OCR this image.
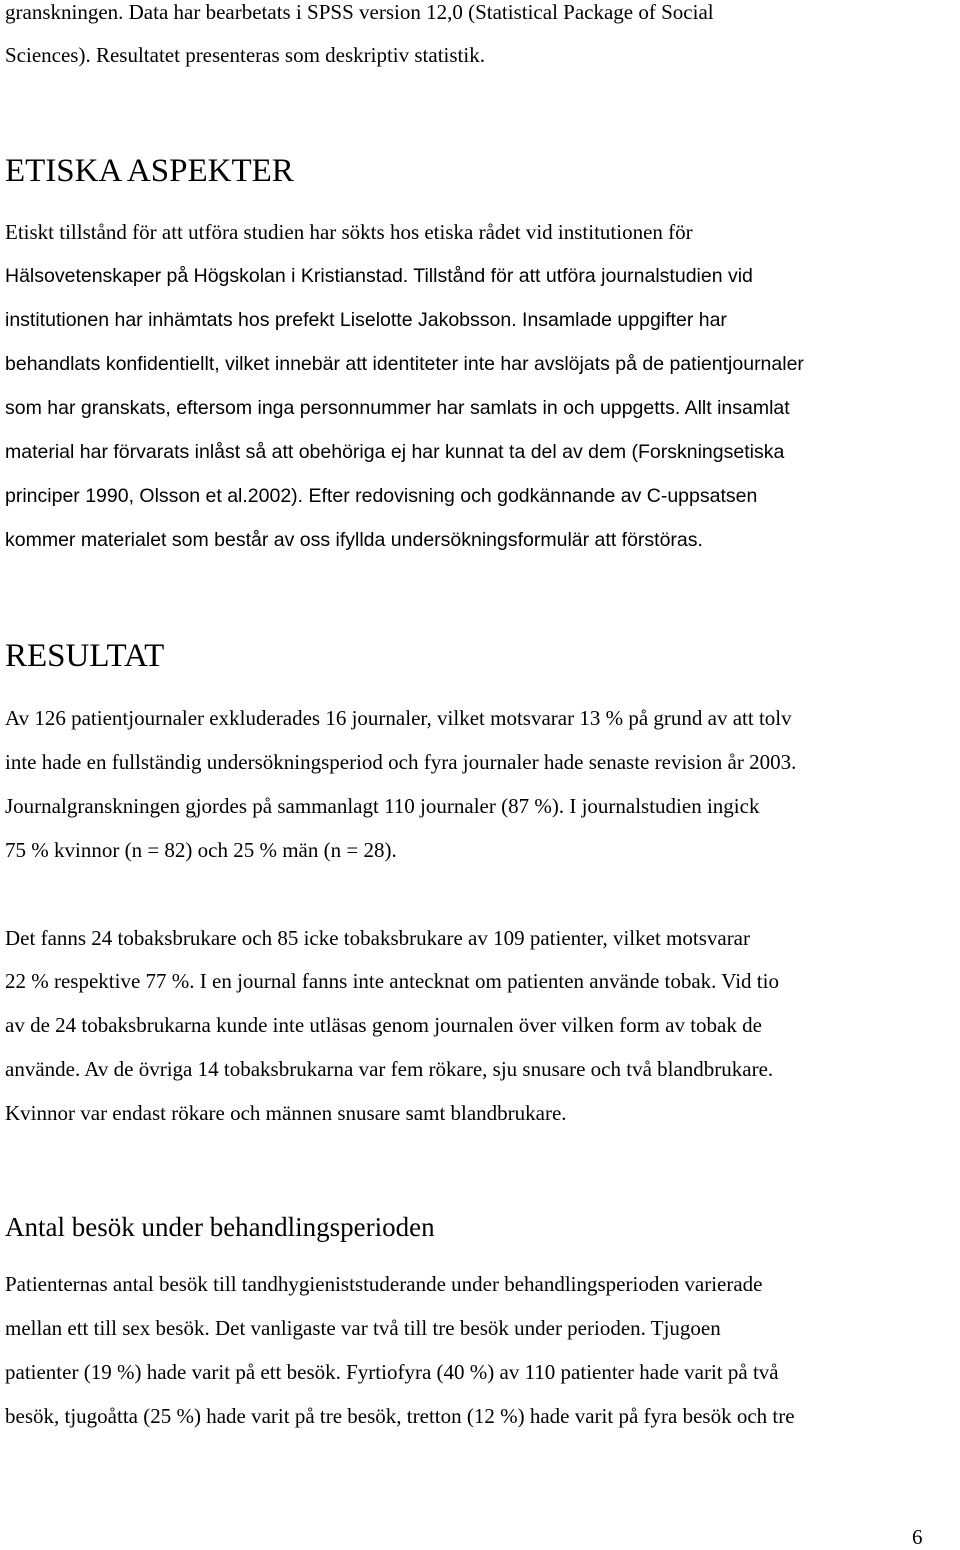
granskningen. Data har bearbetats i SPSS version 12,0 (Statistical Package of Social
Sciences). Resultatet presenteras som deskriptiv statistik.
ETISKA ASPEKTER
Etiskt tillstånd för att utföra studien har sökts hos etiska rådet vid institutionen för
Hälsovetenskaper på Högskolan i Kristianstad. Tillstånd för att utföra journalstudien vid
institutionen har inhämtats hos prefekt Liselotte Jakobsson. Insamlade uppgifter har
behandlats konfidentiellt, vilket innebär att identiteter inte har avslöjats på de patientjournaler
som har granskats, eftersom inga personnummer har samlats in och uppgetts. Allt insamlat
material har förvarats inlåst så att obehöriga ej har kunnat ta del av dem (Forskningsetiska
principer 1990, Olsson et al.2002). Efter redovisning och godkännande av C-uppsatsen
kommer materialet som består av oss ifyllda undersökningsformulär att förstöras.
RESULTAT
Av 126 patientjournaler exkluderades 16 journaler, vilket motsvarar 13 % på grund av att tolv
inte hade en fullständig undersökningsperiod och fyra journaler hade senaste revision år 2003.
Journalgranskningen gjordes på sammanlagt 110 journaler (87 %). I journalstudien ingick
75 % kvinnor (n = 82) och 25 % män (n = 28).
Det fanns 24 tobaksbrukare och 85 icke tobaksbrukare av 109 patienter, vilket motsvarar
22 % respektive 77 %. I en journal fanns inte antecknat om patienten använde tobak. Vid tio
av de 24 tobaksbrukarna kunde inte utläsas genom journalen över vilken form av tobak de
använde. Av de övriga 14 tobaksbrukarna var fem rökare, sju snusare och två blandbrukare.
Kvinnor var endast rökare och männen snusare samt blandbrukare.
Antal besök under behandlingsperioden
Patienternas antal besök till tandhygieniststuderande under behandlingsperioden varierade
mellan ett till sex besök. Det vanligaste var två till tre besök under perioden. Tjugoen
patienter (19 %) hade varit på ett besök. Fyrtiofyra (40 %) av 110 patienter hade varit på två
besök, tjugoåtta (25 %) hade varit på tre besök, tretton (12 %) hade varit på fyra besök och tre
6
